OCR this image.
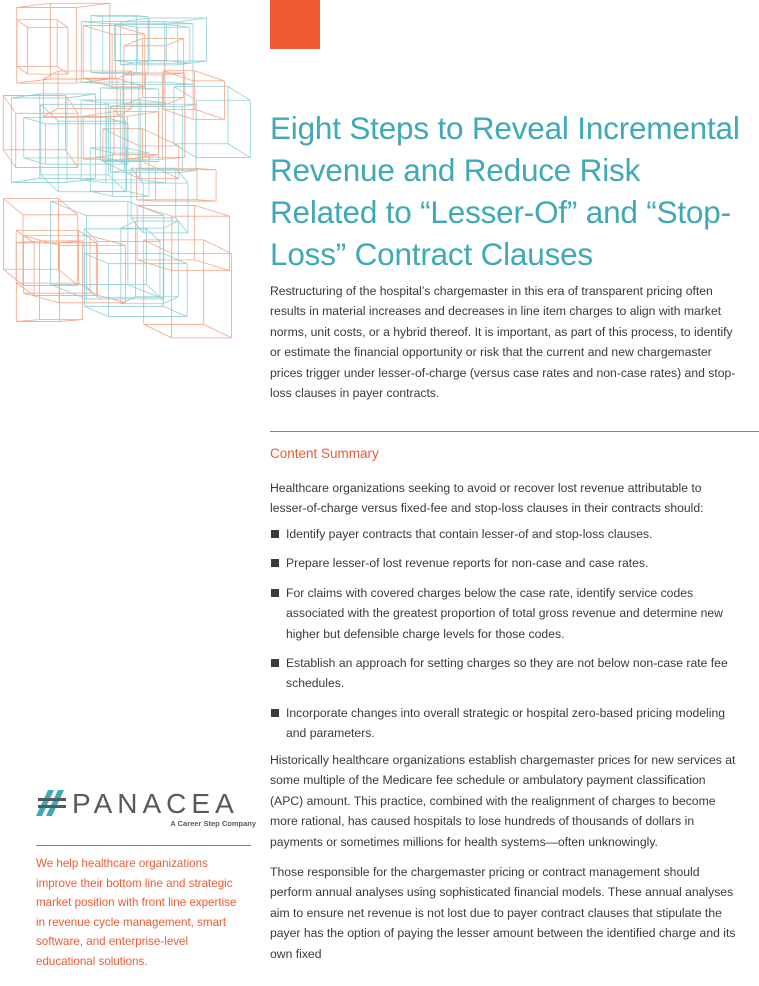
Eight Steps to Reveal Incremental Revenue and Reduce Risk Related to “Lesser-Of” and “Stop-Loss” Contract Clauses

Restructuring of the hospital’s chargemaster in this era of transparent pricing often results in material increases and decreases in line item charges to align with market norms, unit costs, or a hybrid thereof. It is important, as part of this process, to identify or estimate the financial opportunity or risk that the current and new chargemaster prices trigger under lesser-of-charge (versus case rates and non-case rates) and stop-loss clauses in payer contracts.

Content Summary

Healthcare organizations seeking to avoid or recover lost revenue attributable to lesser-of-charge versus fixed-fee and stop-loss clauses in their contracts should:

Identify payer contracts that contain lesser-of and stop-loss clauses.
Prepare lesser-of lost revenue reports for non-case and case rates.
For claims with covered charges below the case rate, identify service codes associated with the greatest proportion of total gross revenue and determine new higher but defensible charge levels for those codes.
Establish an approach for setting charges so they are not below non-case rate fee schedules.
Incorporate changes into overall strategic or hospital zero-based pricing modeling and parameters.

Historically healthcare organizations establish chargemaster prices for new services at some multiple of the Medicare fee schedule or ambulatory payment classification (APC) amount. This practice, combined with the realignment of charges to become more rational, has caused hospitals to lose hundreds of thousands of dollars in payments or sometimes millions for health systems—often unknowingly.

Those responsible for the chargemaster pricing or contract management should perform annual analyses using sophisticated financial models. These annual analyses aim to ensure net revenue is not lost due to payer contract clauses that stipulate the payer has the option of paying the lesser amount between the identified charge and its own fixed

PANACEA
A Career Step Company

We help healthcare organizations improve their bottom line and strategic market position with front line expertise in revenue cycle management, smart software, and enterprise-level educational solutions.
